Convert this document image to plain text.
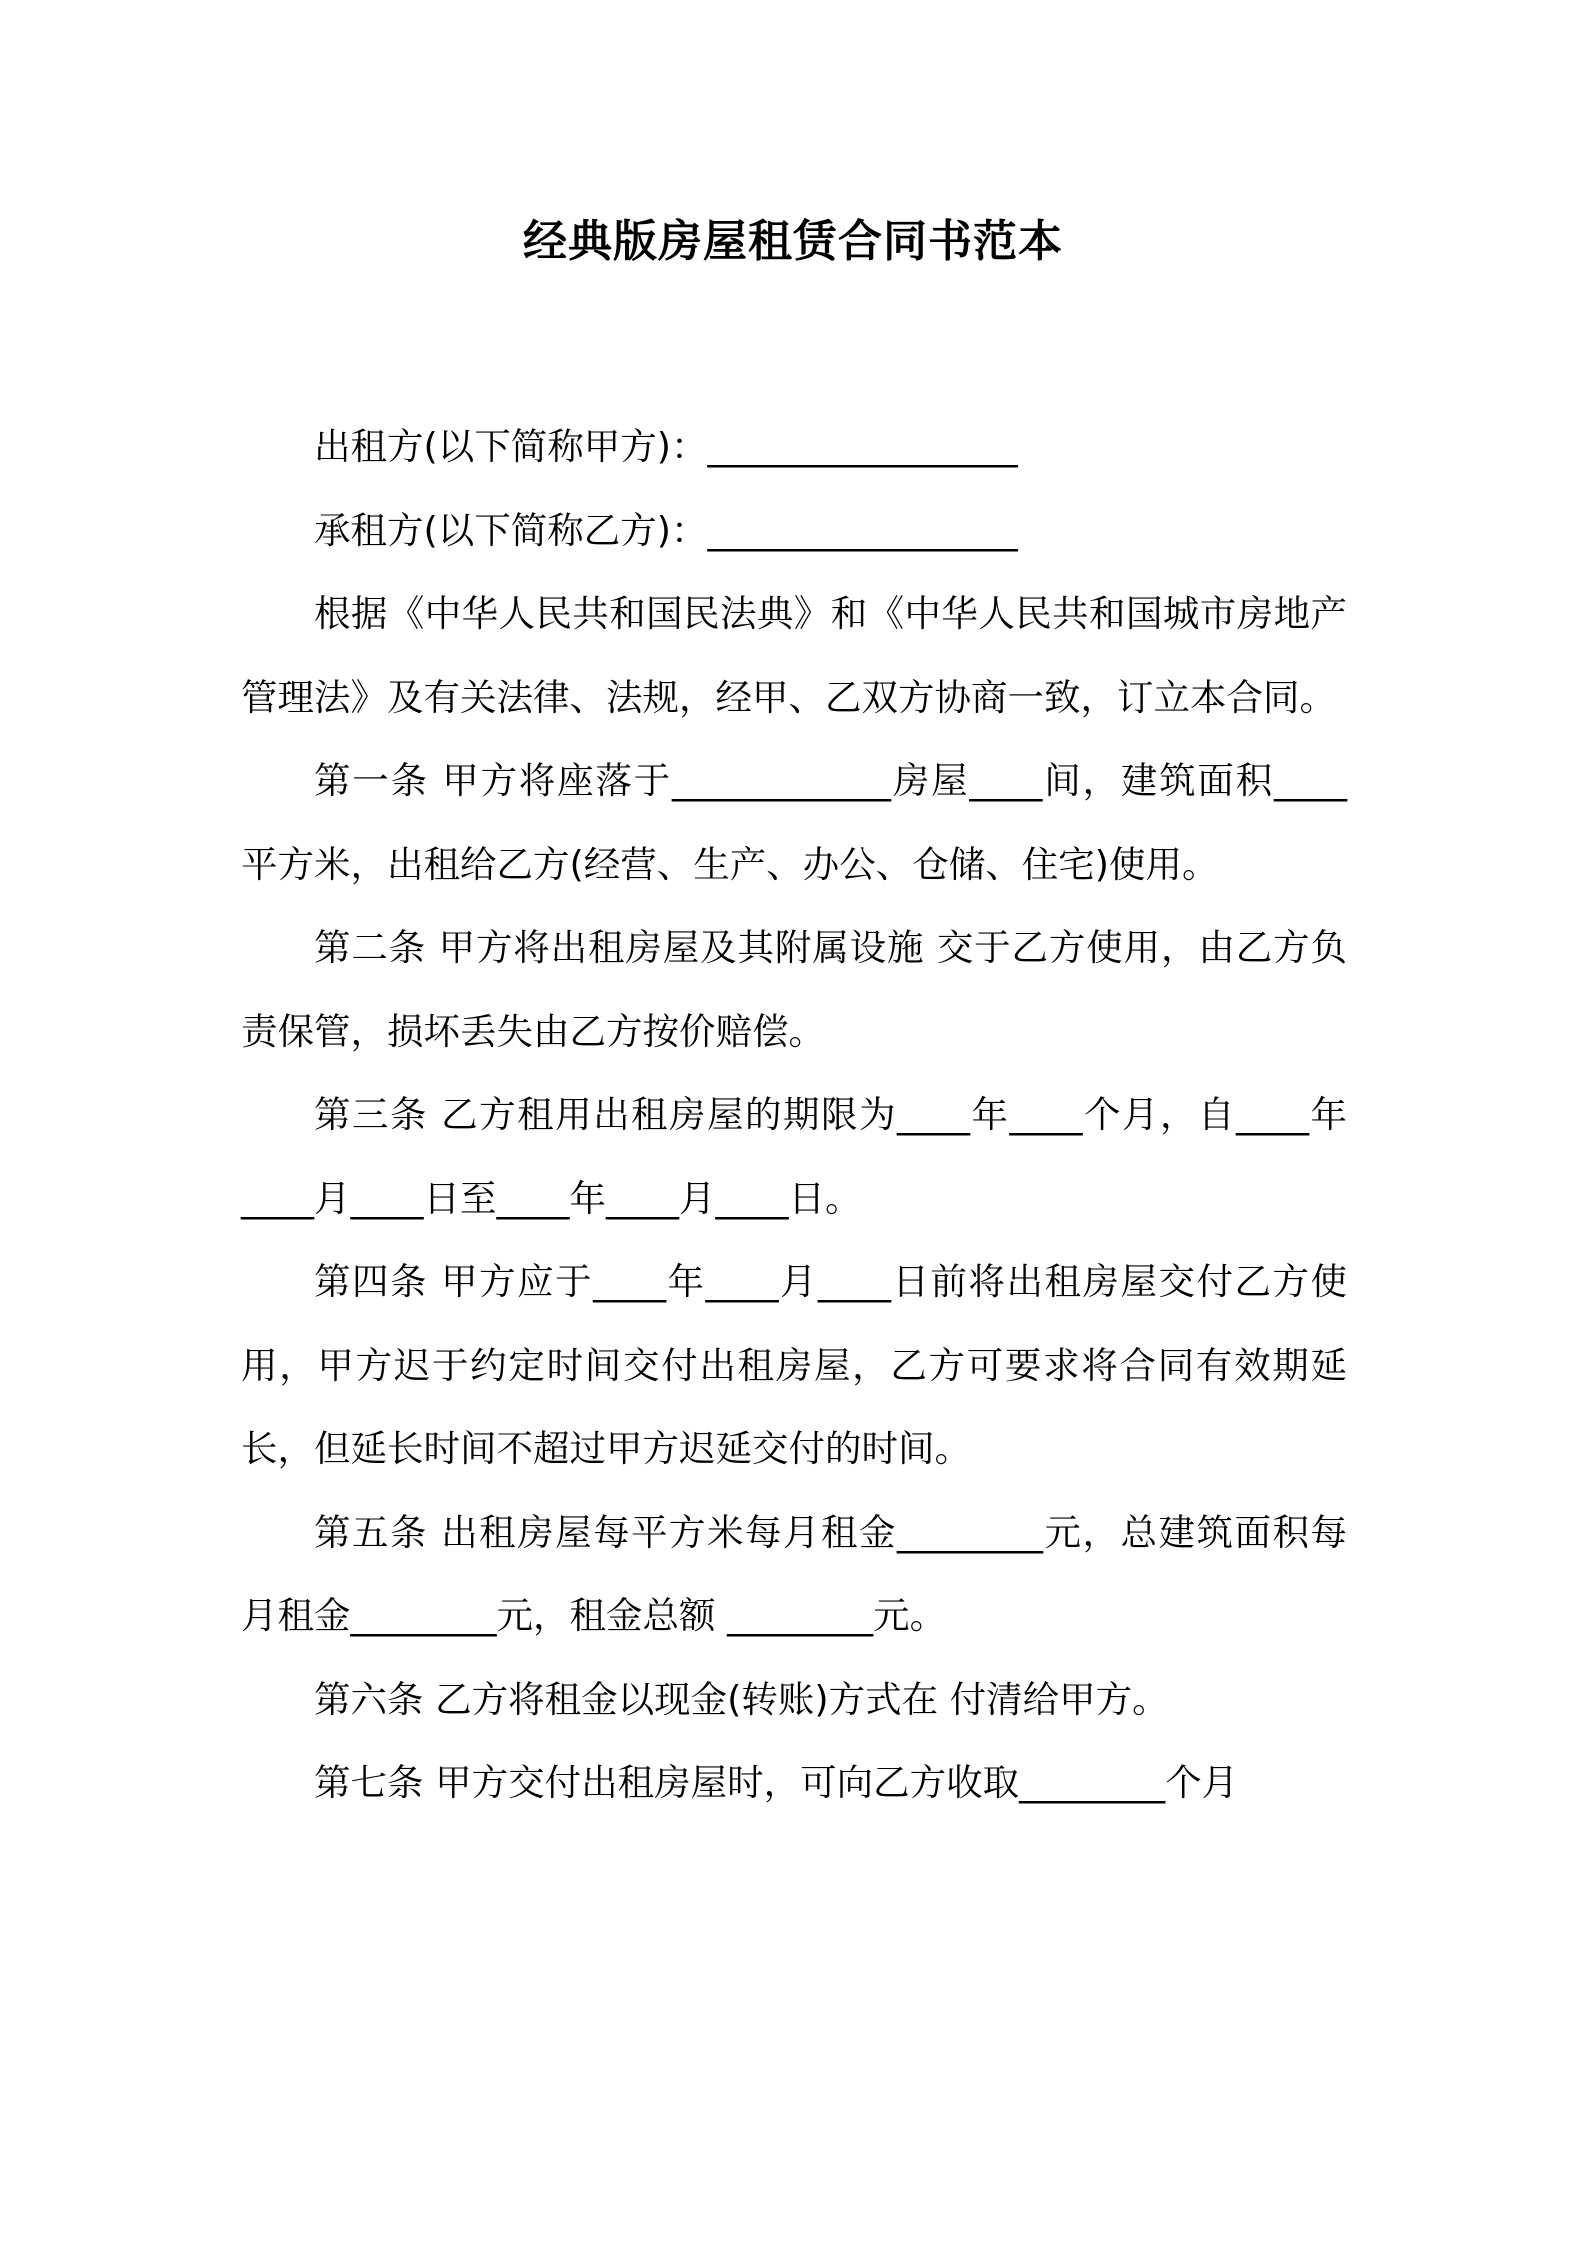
经典版房屋租赁合同书范本

出租方(以下简称甲方)：_________________

承租方(以下简称乙方)：_________________

根据《中华人民共和国民法典》和《中华人民共和国城市房地产管理法》及有关法律、法规，经甲、乙双方协商一致，订立本合同。

第一条 甲方将座落于____________房屋____间，建筑面积____平方米，出租给乙方(经营、生产、办公、仓储、住宅)使用。

第二条 甲方将出租房屋及其附属设施 交于乙方使用，由乙方负责保管，损坏丢失由乙方按价赔偿。

第三条 乙方租用出租房屋的期限为____年____个月，自____年____月____日至____年____月____日。

第四条 甲方应于____年____月____日前将出租房屋交付乙方使用，甲方迟于约定时间交付出租房屋，乙方可要求将合同有效期延长，但延长时间不超过甲方迟延交付的时间。

第五条 出租房屋每平方米每月租金________元，总建筑面积每月租金________元，租金总额 ________元。

第六条 乙方将租金以现金(转账)方式在 付清给甲方。

第七条 甲方交付出租房屋时，可向乙方收取________个月
